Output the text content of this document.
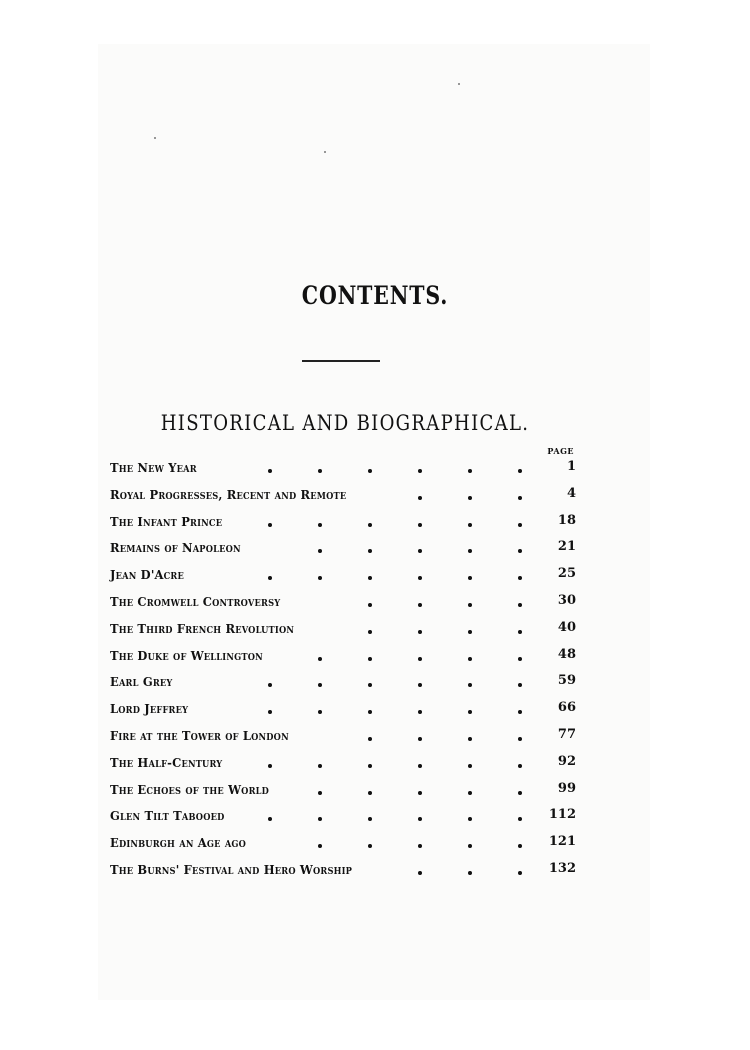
CONTENTS.
HISTORICAL AND BIOGRAPHICAL.
PAGE
The New Year	1
Royal Progresses, Recent and Remote	4
The Infant Prince	18
Remains of Napoleon	21
Jean D'Acre	25
The Cromwell Controversy	30
The Third French Revolution	40
The Duke of Wellington	48
Earl Grey	59
Lord Jeffrey	66
Fire at the Tower of London	77
The Half-Century	92
The Echoes of the World	99
Glen Tilt Tabooed	112
Edinburgh an Age ago	121
The Burns' Festival and Hero Worship	132
